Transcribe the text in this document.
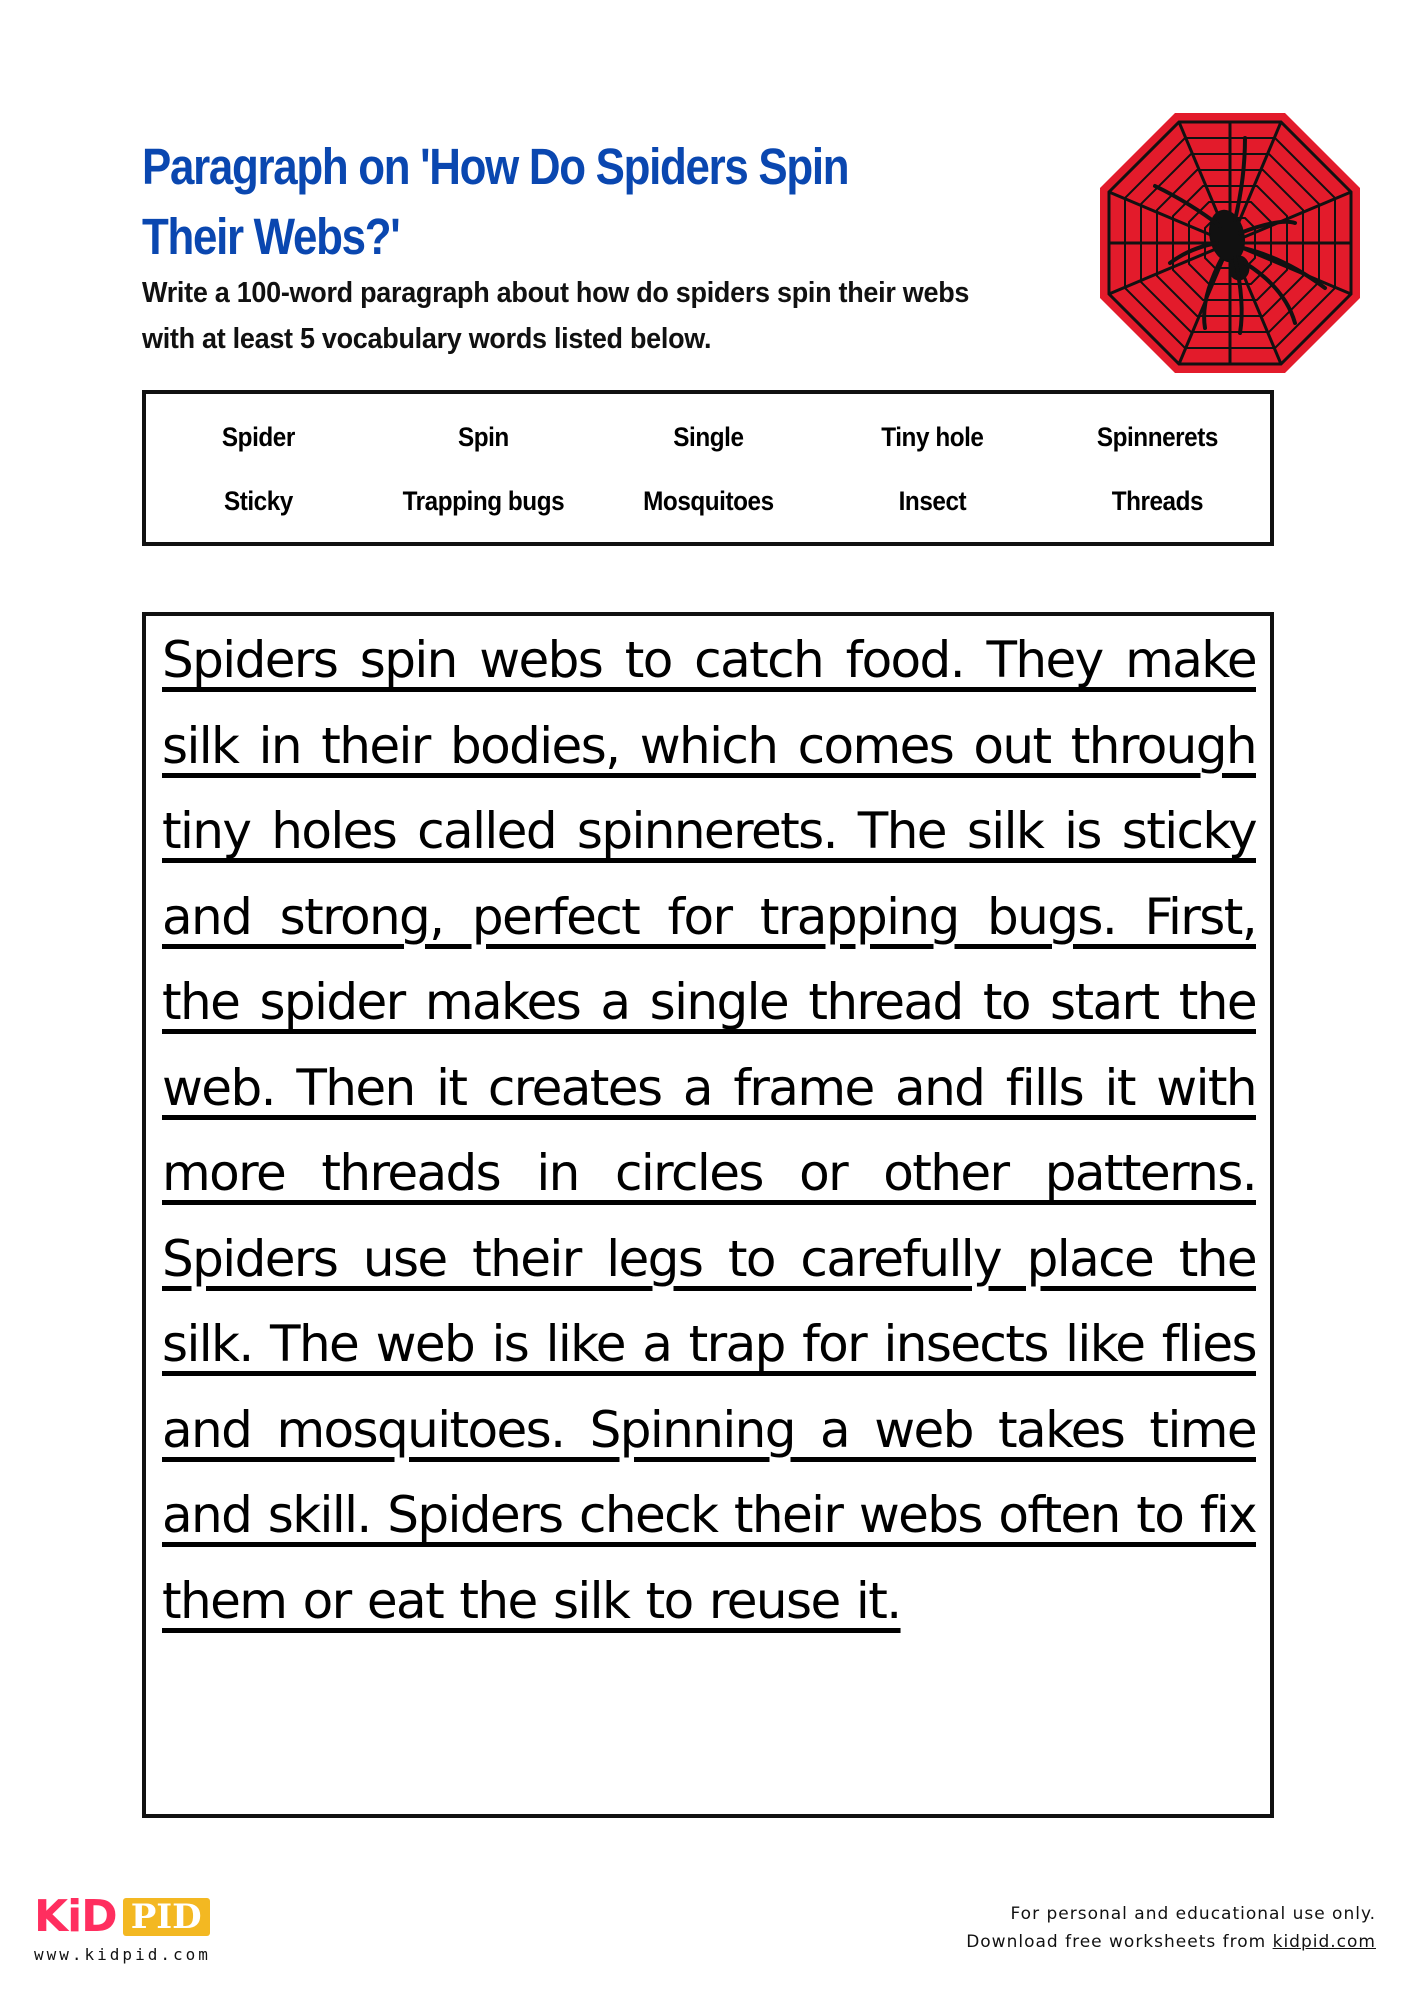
Paragraph on 'How Do Spiders Spin Their Webs?'

Write a 100-word paragraph about how do spiders spin their webs with at least 5 vocabulary words listed below.

Spider	Spin	Single	Tiny hole	Spinnerets
Sticky	Trapping bugs	Mosquitoes	Insect	Threads

Spiders spin webs to catch food. They make silk in their bodies, which comes out through tiny holes called spinnerets. The silk is sticky and strong, perfect for trapping bugs. First, the spider makes a single thread to start the web. Then it creates a frame and fills it with more threads in circles or other patterns. Spiders use their legs to carefully place the silk. The web is like a trap for insects like flies and mosquitoes. Spinning a web takes time and skill. Spiders check their webs often to fix them or eat the silk to reuse it.

KiD PID
www.kidpid.com
For personal and educational use only.
Download free worksheets from kidpid.com
